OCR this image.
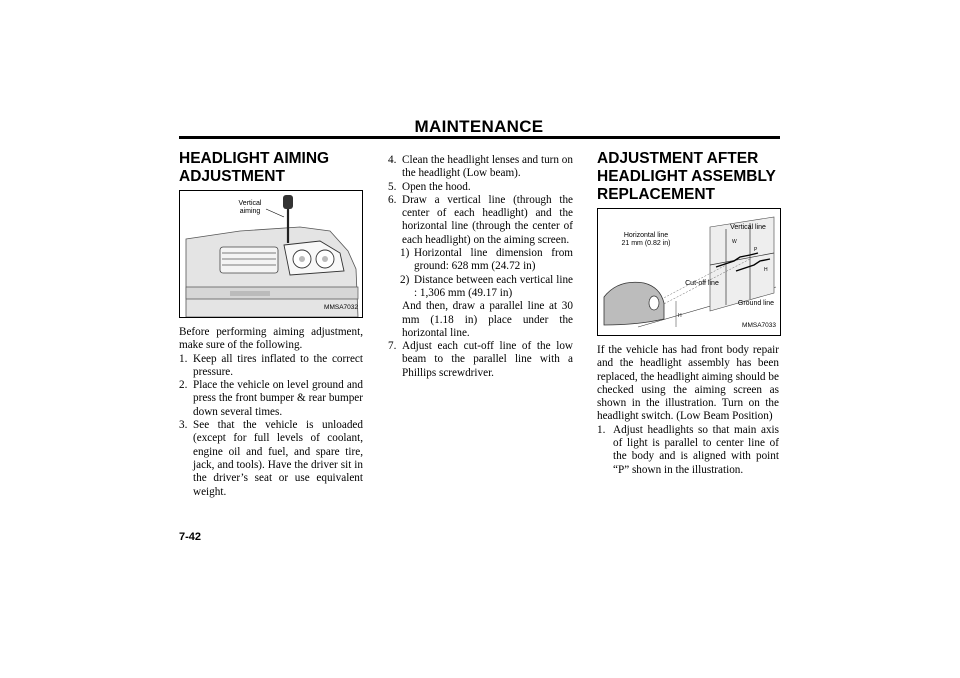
MAINTENANCE
HEADLIGHT AIMING ADJUSTMENT
Vertical
aiming
MMSA7032

Before performing aiming adjustment, make sure of the following.

1. Keep all tires inflated to the correct pressure.
2. Place the vehicle on level ground and press the front bumper & rear bumper down several times.
3. See that the vehicle is unloaded (except for full levels of coolant, engine oil and fuel, and spare tire, jack, and tools). Have the driver sit in the driver’s seat or use equivalent weight.
4. Clean the headlight lenses and turn on the headlight (Low beam).
5. Open the hood.
6. Draw a vertical line (through the center of each headlight) and the horizontal line (through the center of each headlight) on the aiming screen.
1) Horizontal line dimension from ground: 628 mm (24.72 in)
2) Distance between each vertical line : 1,306 mm (49.17 in)
And then, draw a parallel line at 30 mm (1.18 in) place under the horizontal line.
7. Adjust each cut-off line of the low beam to the parallel line with a Phillips screwdriver.
ADJUSTMENT AFTER HEADLIGHT ASSEMBLY REPLACEMENT
Horizontal line
21 mm (0.82 in)
Vertical line
Cut-off line
Ground line
W
P
H
H
MMSA7033

If the vehicle has had front body repair and the headlight assembly has been replaced, the headlight aiming should be checked using the aiming screen as shown in the illustration. Turn on the headlight switch. (Low Beam Position)

1. Adjust headlights so that main axis of light is parallel to center line of the body and is aligned with point “P” shown in the illustration.
7-42
